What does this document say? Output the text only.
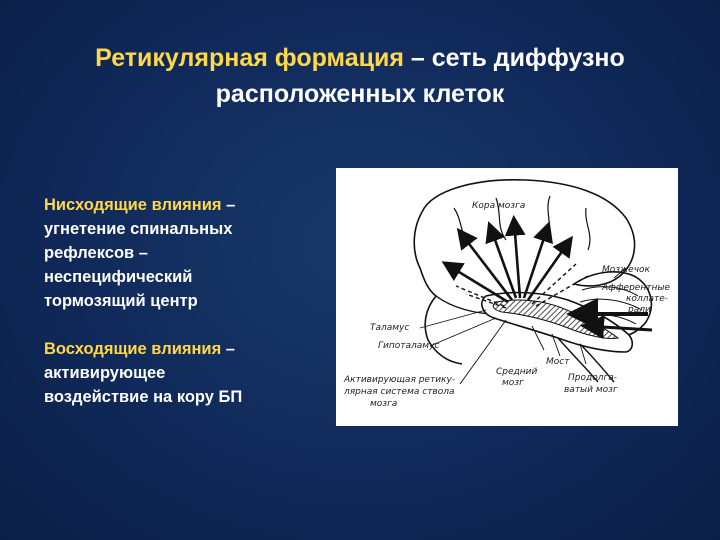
Ретикулярная формация – сеть диффузно
расположенных клеток

Нисходящие влияния –

угнетение спинальных

рефлексов –

неспецифический

тормозящий центр

Восходящие влияния –

активирующее

воздействие на кору БП

Кора мозга
Мозжечок
Афферентные
коллате-
рали
Таламус
Гипоталамус
Мост
Средний
мозг	Продолга-
ватый мозг
Активирующая ретику-
лярная система ствола
мозга
